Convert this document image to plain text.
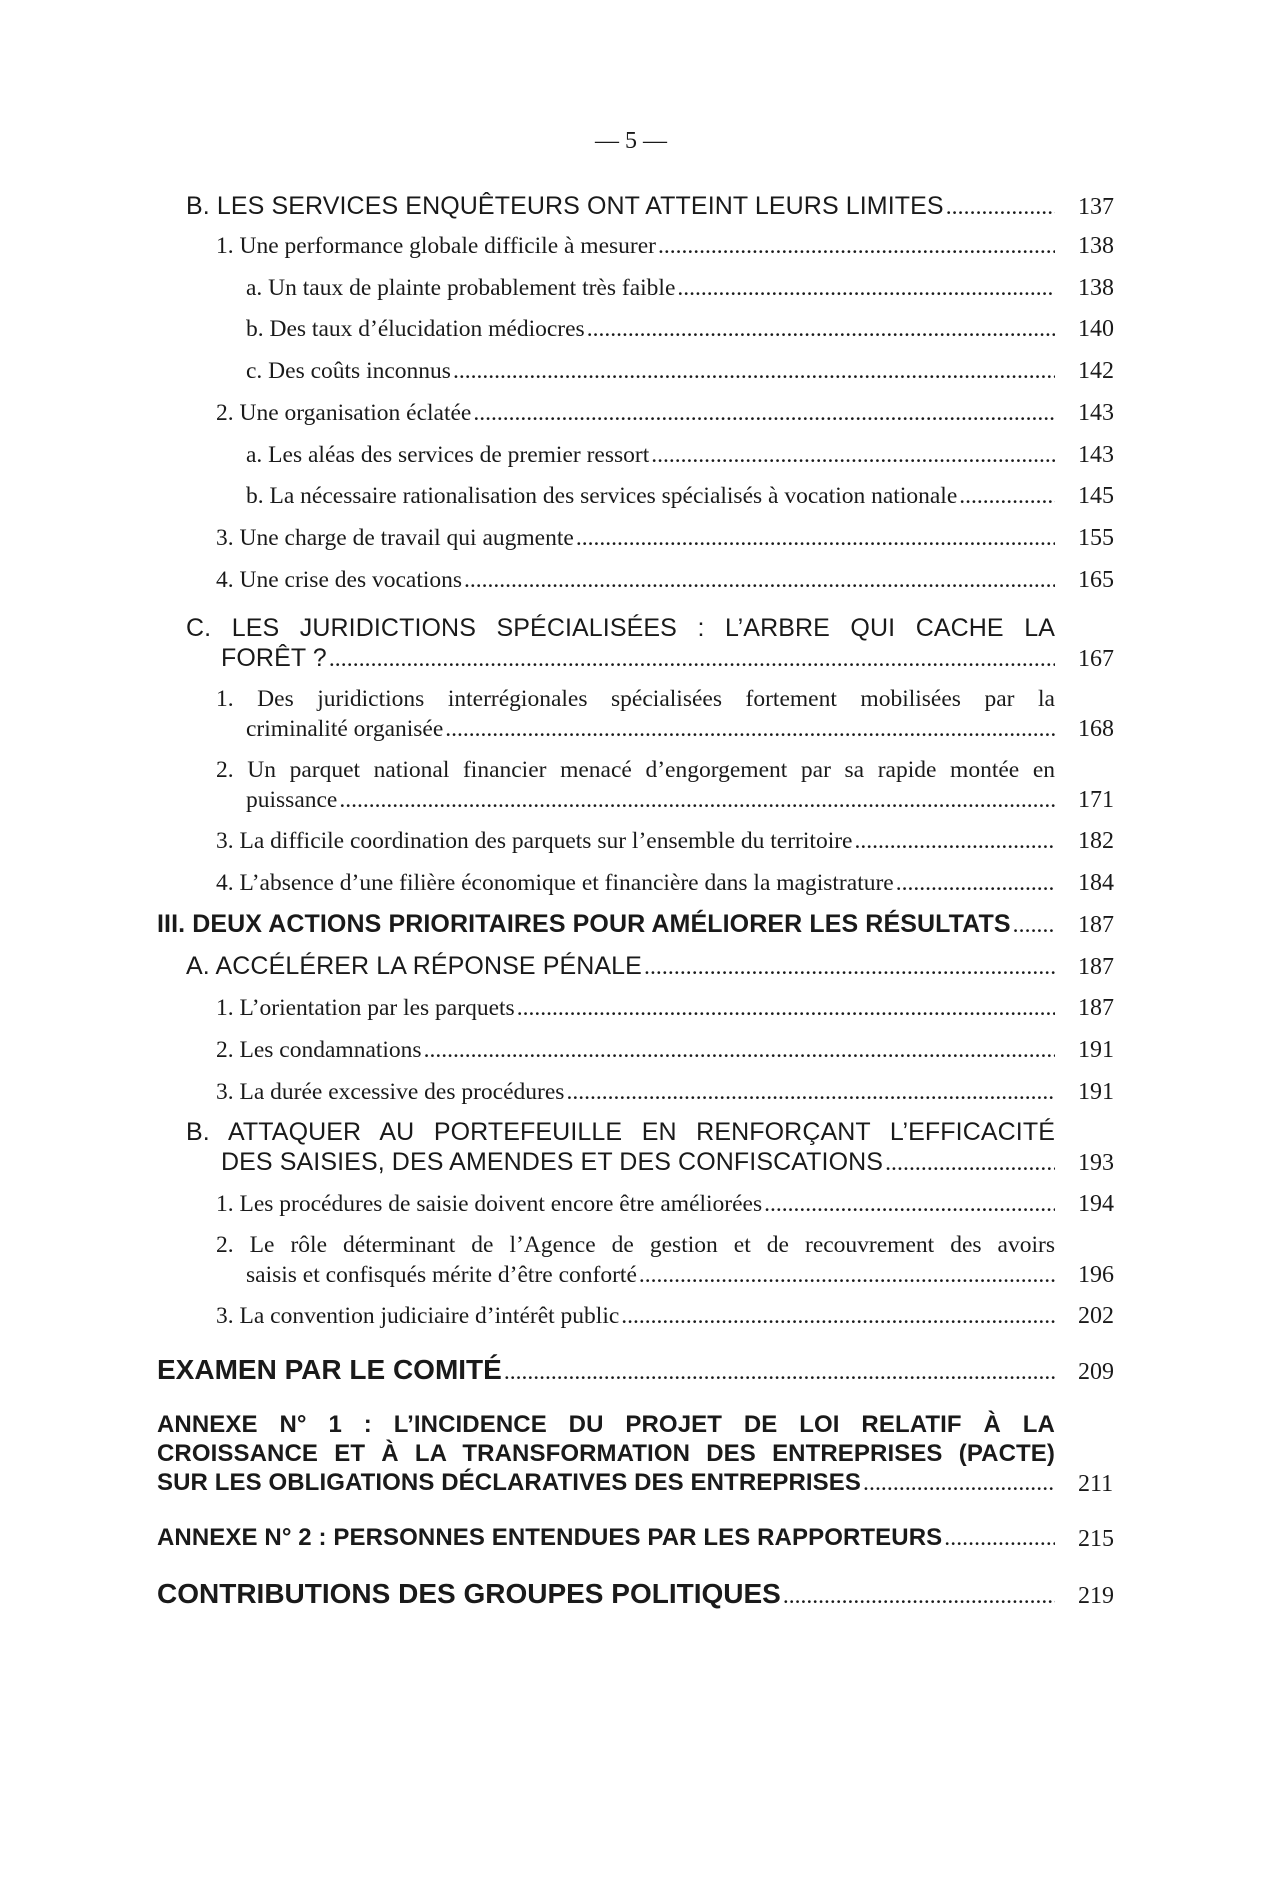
— 5 —
B. LES SERVICES ENQUÊTEURS ONT ATTEINT LEURS LIMITES .....	137
1. Une performance globale difficile à mesurer .....	138
a. Un taux de plainte probablement très faible .....	138
b. Des taux d’élucidation médiocres .....	140
c. Des coûts inconnus .....	142
2. Une organisation éclatée .....	143
a. Les aléas des services de premier ressort .....	143
b. La nécessaire rationalisation des services spécialisés à vocation nationale .....	145
3. Une charge de travail qui augmente .....	155
4. Une crise des vocations .....	165
C. LES JURIDICTIONS SPÉCIALISÉES : L’ARBRE QUI CACHE LA
FORÊT ? .....	167
1. Des juridictions interrégionales spécialisées fortement mobilisées par la
criminalité organisée .....	168
2. Un parquet national financier menacé d’engorgement par sa rapide montée en
puissance .....	171
3. La difficile coordination des parquets sur l’ensemble du territoire .....	182
4. L’absence d’une filière économique et financière dans la magistrature .....	184
III. DEUX ACTIONS PRIORITAIRES POUR AMÉLIORER LES RÉSULTATS .....	187
A. ACCÉLÉRER LA RÉPONSE PÉNALE .....	187
1. L’orientation par les parquets .....	187
2. Les condamnations .....	191
3. La durée excessive des procédures .....	191
B. ATTAQUER AU PORTEFEUILLE EN RENFORÇANT L’EFFICACITÉ
DES SAISIES, DES AMENDES ET DES CONFISCATIONS .....	193
1. Les procédures de saisie doivent encore être améliorées .....	194
2. Le rôle déterminant de l’Agence de gestion et de recouvrement des avoirs
saisis et confisqués mérite d’être conforté .....	196
3. La convention judiciaire d’intérêt public .....	202
EXAMEN PAR LE COMITÉ .....	209
ANNEXE N° 1 : L’INCIDENCE DU PROJET DE LOI RELATIF À LA
CROISSANCE ET À LA TRANSFORMATION DES ENTREPRISES (PACTE)
SUR LES OBLIGATIONS DÉCLARATIVES DES ENTREPRISES .....	211
ANNEXE N° 2 : PERSONNES ENTENDUES PAR LES RAPPORTEURS .....	215
CONTRIBUTIONS DES GROUPES POLITIQUES .....	219
